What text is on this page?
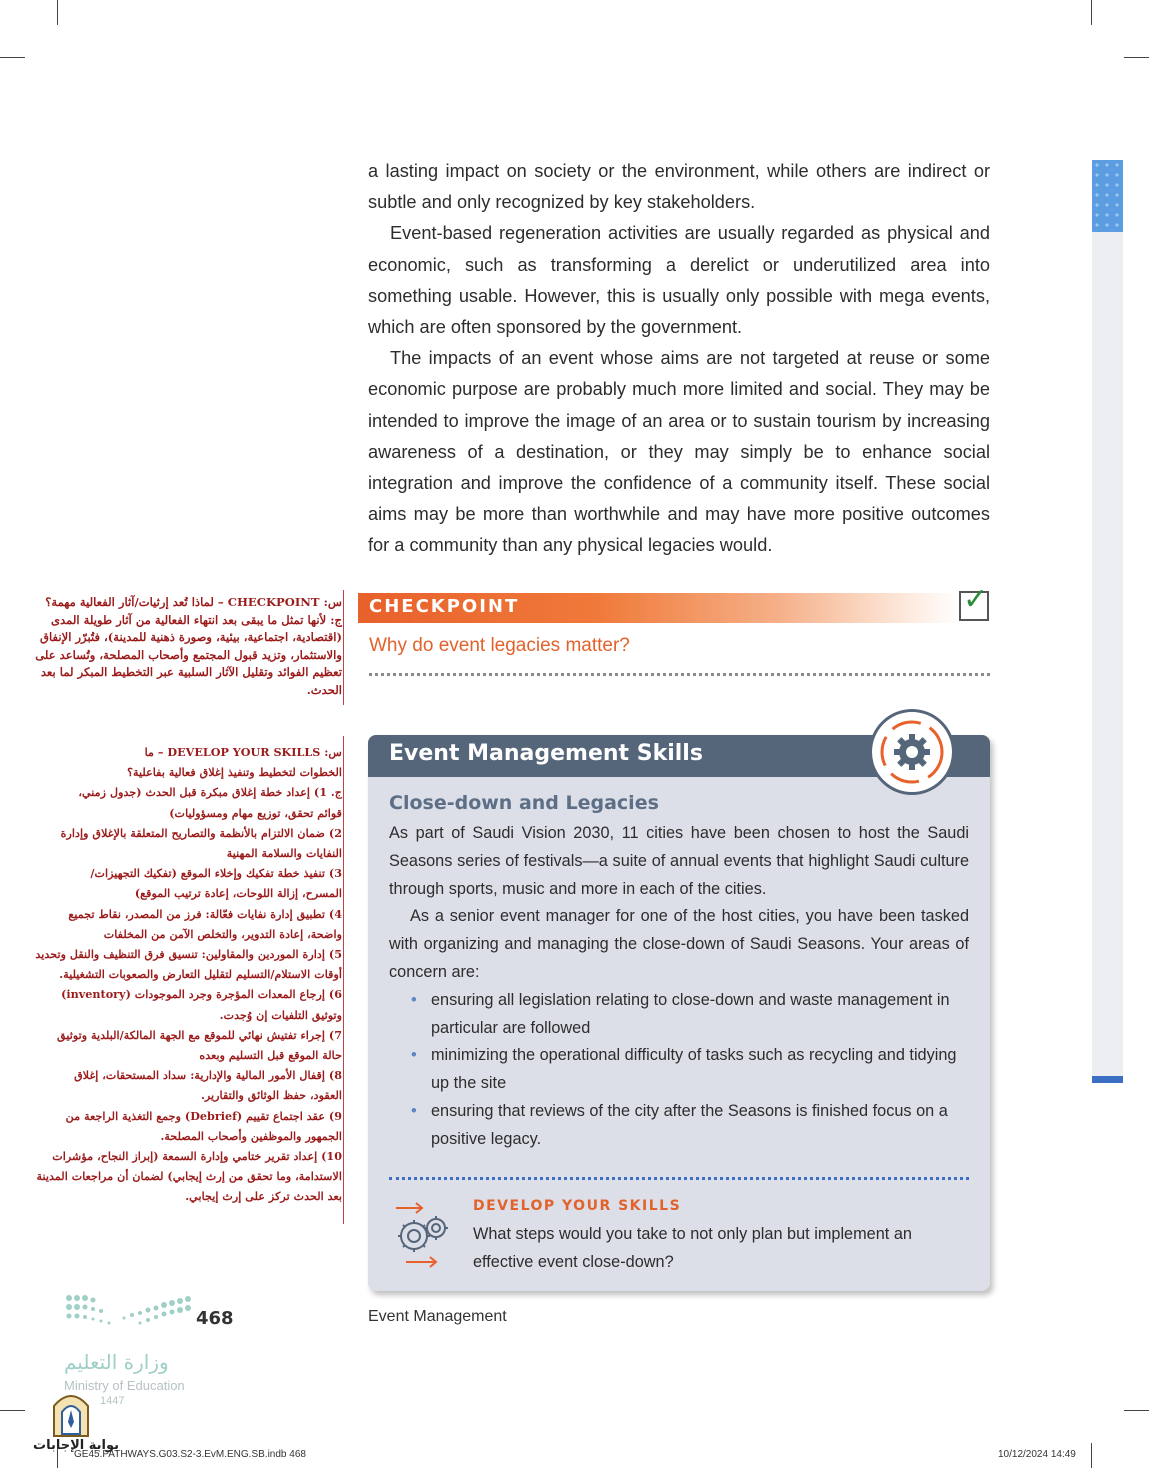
a lasting impact on society or the environment, while others are indirect or subtle and only recognized by key stakeholders.

Event-based regeneration activities are usually regarded as physical and economic, such as transforming a derelict or underutilized area into something usable. However, this is usually only possible with mega events, which are often sponsored by the government.

The impacts of an event whose aims are not targeted at reuse or some economic purpose are probably much more limited and social. They may be intended to improve the image of an area or to sustain tourism by increasing awareness of a destination, or they may simply be to enhance social integration and improve the confidence of a community itself. These social aims may be more than worthwhile and may have more positive outcomes for a community than any physical legacies would.

CHECKPOINT	✓
Why do event legacies matter?
Event Management Skills
Close-down and Legacies

As part of Saudi Vision 2030, 11 cities have been chosen to host the Saudi Seasons series of festivals—a suite of annual events that highlight Saudi culture through sports, music and more in each of the cities.

As a senior event manager for one of the host cities, you have been tasked with organizing and managing the close-down of Saudi Seasons. Your areas of concern are:

• ensuring all legislation relating to close-down and waste management in particular are followed
• minimizing the operational difficulty of tasks such as recycling and tidying up the site
• ensuring that reviews of the city after the Seasons is finished focus on a positive legacy.
DEVELOP YOUR SKILLS
What steps would you take to not only plan but implement an effective event close-down?
Event Management
468
وزارة التعليم
Ministry of Education
1447
بوابة الإجابات
GE45.PATHWAYS.G03.S2-3.EvM.ENG.SB.indb 468	10/12/2024 14:49
س: CHECKPOINT – لماذا تُعد إرثيات/آثار الفعالية مهمة؟
ج: لأنها تمثل ما يبقى بعد انتهاء الفعالية من آثار طويلة المدى
(اقتصادية، اجتماعية، بيئية، وصورة ذهنية للمدينة)، فتُبرّر الإنفاق
والاستثمار، وتزيد قبول المجتمع وأصحاب المصلحة، وتُساعد على
تعظيم الفوائد وتقليل الآثار السلبية عبر التخطيط المبكر لما بعد
الحدث.
س: DEVELOP YOUR SKILLS – ما
الخطوات لتخطيط وتنفيذ إغلاق فعالية بفاعلية؟
ج. 1) إعداد خطة إغلاق مبكرة قبل الحدث (جدول زمني،
قوائم تحقق، توزيع مهام ومسؤوليات)
2) ضمان الالتزام بالأنظمة والتصاريح المتعلقة بالإغلاق وإدارة
النفايات والسلامة المهنية
3) تنفيذ خطة تفكيك وإخلاء الموقع (تفكيك التجهيزات/
المسرح، إزالة اللوحات، إعادة ترتيب الموقع)
4) تطبيق إدارة نفايات فعّالة: فرز من المصدر، نقاط تجميع
واضحة، إعادة التدوير، والتخلص الآمن من المخلفات
5) إدارة الموردين والمقاولين: تنسيق فرق التنظيف والنقل وتحديد
أوقات الاستلام/التسليم لتقليل التعارض والصعوبات التشغيلية.
6) إرجاع المعدات المؤجرة وجرد الموجودات (inventory)
وتوثيق التلفيات إن وُجدت.
7) إجراء تفتيش نهائي للموقع مع الجهة المالكة/البلدية وتوثيق
حالة الموقع قبل التسليم وبعده
8) إقفال الأمور المالية والإدارية: سداد المستحقات، إغلاق
العقود، حفظ الوثائق والتقارير.
9) عقد اجتماع تقييم (Debrief) وجمع التغذية الراجعة من
الجمهور والموظفين وأصحاب المصلحة.
10) إعداد تقرير ختامي وإدارة السمعة (إبراز النجاح، مؤشرات
الاستدامة، وما تحقق من إرث إيجابي) لضمان أن مراجعات المدينة
بعد الحدث تركز على إرث إيجابي.
